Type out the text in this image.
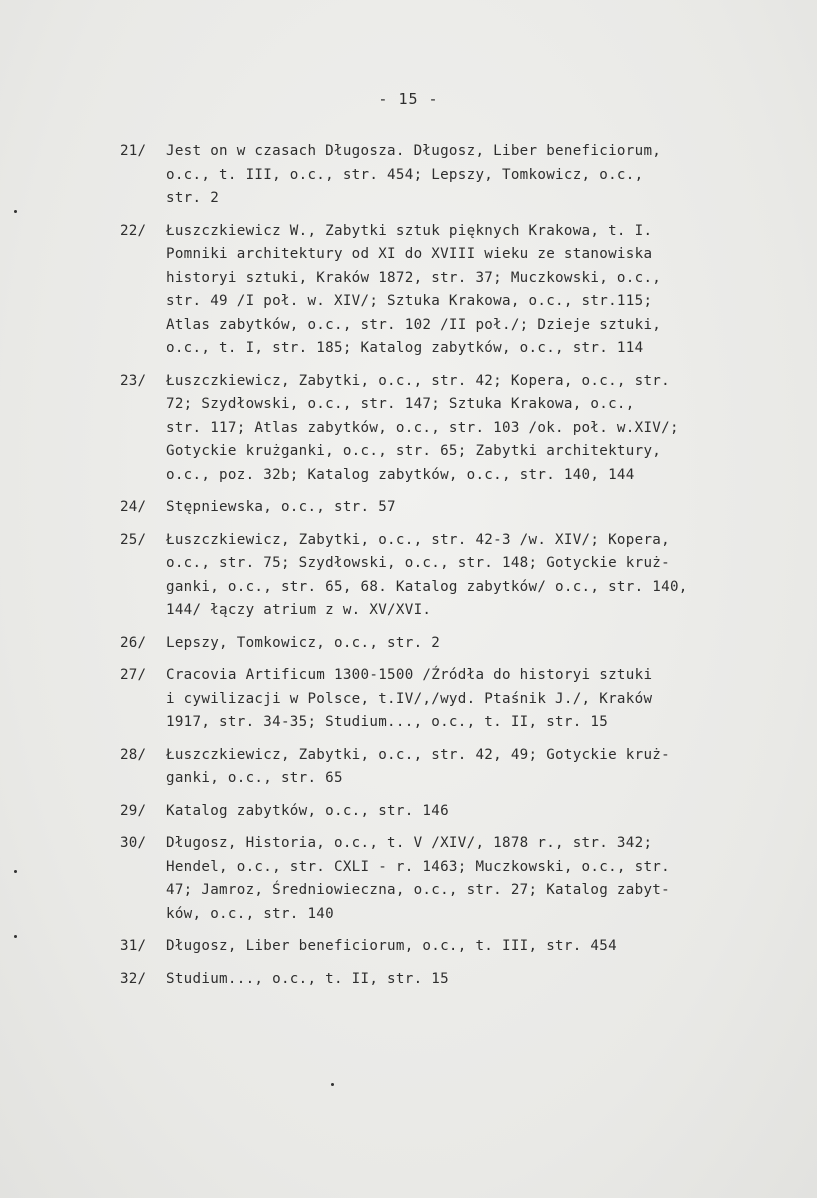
- 15 -
21/	Jest on w czasach Długosza. Długosz, Liber beneficiorum,
o.c., t. III, o.c., str. 454; Lepszy, Tomkowicz, o.c.,
str. 2
22/	Łuszczkiewicz W., Zabytki sztuk pięknych Krakowa, t. I.
Pomniki architektury od XI do XVIII wieku ze stanowiska
historyi sztuki, Kraków 1872, str. 37; Muczkowski, o.c.,
str. 49 /I poł. w. XIV/; Sztuka Krakowa, o.c., str.115;
Atlas zabytków, o.c., str. 102 /II poł./; Dzieje sztuki,
o.c., t. I, str. 185; Katalog zabytków, o.c., str. 114
23/	Łuszczkiewicz, Zabytki, o.c., str. 42; Kopera, o.c., str.
72; Szydłowski, o.c., str. 147; Sztuka Krakowa, o.c.,
str. 117; Atlas zabytków, o.c., str. 103 /ok. poł. w.XIV/;
Gotyckie krużganki, o.c., str. 65; Zabytki architektury,
o.c., poz. 32b; Katalog zabytków, o.c., str. 140, 144
24/	Stępniewska, o.c., str. 57
25/	Łuszczkiewicz, Zabytki, o.c., str. 42-3 /w. XIV/; Kopera,
o.c., str. 75; Szydłowski, o.c., str. 148; Gotyckie kruż-
ganki, o.c., str. 65, 68. Katalog zabytków/ o.c., str. 140,
144/ łączy atrium z w. XV/XVI.
26/	Lepszy, Tomkowicz, o.c., str. 2
27/	Cracovia Artificum 1300-1500 /Źródła do historyi sztuki
i cywilizacji w Polsce, t.IV/,/wyd. Ptaśnik J./, Kraków
1917, str. 34-35; Studium..., o.c., t. II, str. 15
28/	Łuszczkiewicz, Zabytki, o.c., str. 42, 49; Gotyckie kruż-
ganki, o.c., str. 65
29/	Katalog zabytków, o.c., str. 146
30/	Długosz, Historia, o.c., t. V /XIV/, 1878 r., str. 342;
Hendel, o.c., str. CXLI - r. 1463; Muczkowski, o.c., str.
47; Jamroz, Średniowieczna, o.c., str. 27; Katalog zabyt-
ków, o.c., str. 140
31/	Długosz, Liber beneficiorum, o.c., t. III, str. 454
32/	Studium..., o.c., t. II, str. 15
